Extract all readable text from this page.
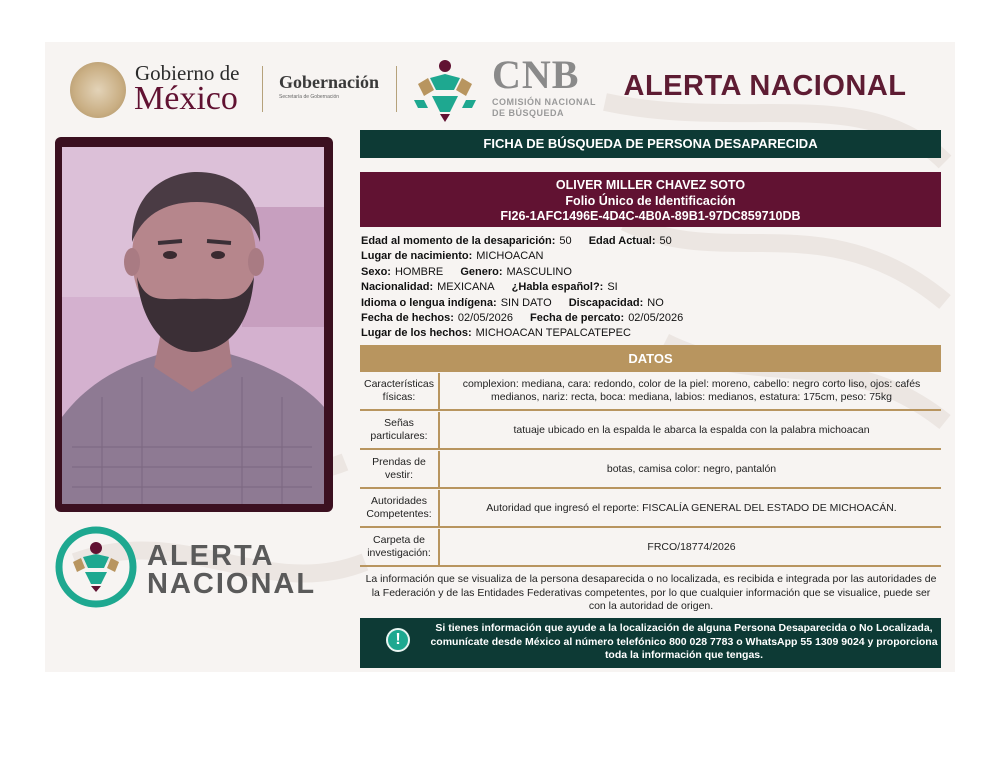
Gobierno de
México Gobernación
Secretaría de Gobernación	CNB
COMISIÓN NACIONAL
DE BÚSQUEDA
ALERTA NACIONAL
ALERTA
NACIONAL
FICHA DE BÚSQUEDA DE PERSONA DESAPARECIDA
OLIVER MILLER CHAVEZ SOTO
Folio Único de Identificación
FI26-1AFC1496E-4D4C-4B0A-89B1-97DC859710DB
Edad al momento de la desaparición: 50 Edad Actual: 50
Lugar de nacimiento: MICHOACAN
Sexo: HOMBRE Genero: MASCULINO
Nacionalidad: MEXICANA ¿Habla español?: SI
Idioma o lengua indígena: SIN DATO Discapacidad: NO
Fecha de hechos: 02/05/2026 Fecha de percato: 02/05/2026
Lugar de los hechos: MICHOACAN TEPALCATEPEC
DATOS
Características físicas:
complexion: mediana, cara: redondo, color de la piel: moreno, cabello: negro corto liso, ojos: cafés medianos, nariz: recta, boca: mediana, labios: medianos, estatura: 175cm, peso: 75kg
Señas particulares:
tatuaje ubicado en la espalda le abarca la espalda con la palabra michoacan
Prendas de vestir:
botas, camisa color: negro, pantalón
Autoridades Competentes:
Autoridad que ingresó el reporte: FISCALÍA GENERAL DEL ESTADO DE MICHOACÁN.
Carpeta de investigación:
FRCO/18774/2026
La información que se visualiza de la persona desaparecida o no localizada, es recibida e integrada por las autoridades de la Federación y de las Entidades Federativas competentes, por lo que cualquier información que se visualice, puede ser con la autoridad de origen.
!
Si tienes información que ayude a la localización de alguna Persona Desaparecida o No Localizada, comunícate desde México al número telefónico 800 028 7783 o WhatsApp 55 1309 9024 y proporciona toda la información que tengas.
